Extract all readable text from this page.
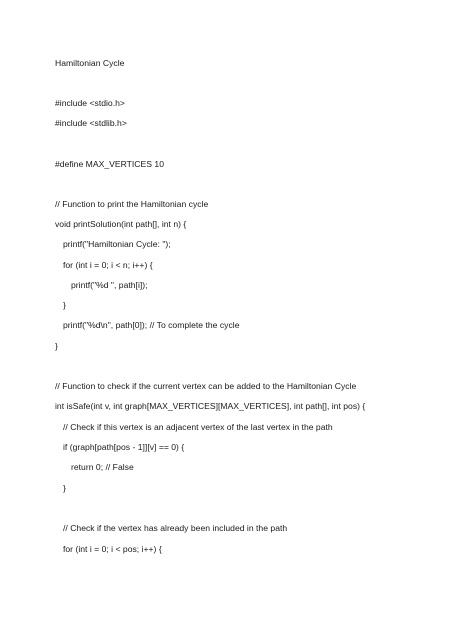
Hamiltonian Cycle
#include <stdio.h>
#include <stdlib.h>
#define MAX_VERTICES 10
// Function to print the Hamiltonian cycle
void printSolution(int path[], int n) {
printf("Hamiltonian Cycle: ");
for (int i = 0; i < n; i++) {
printf("%d ", path[i]);
}
printf("%d\n", path[0]); // To complete the cycle
}
// Function to check if the current vertex can be added to the Hamiltonian Cycle
int isSafe(int v, int graph[MAX_VERTICES][MAX_VERTICES], int path[], int pos) {
// Check if this vertex is an adjacent vertex of the last vertex in the path
if (graph[path[pos - 1]][v] == 0) {
return 0; // False
}
// Check if the vertex has already been included in the path
for (int i = 0; i < pos; i++) {
